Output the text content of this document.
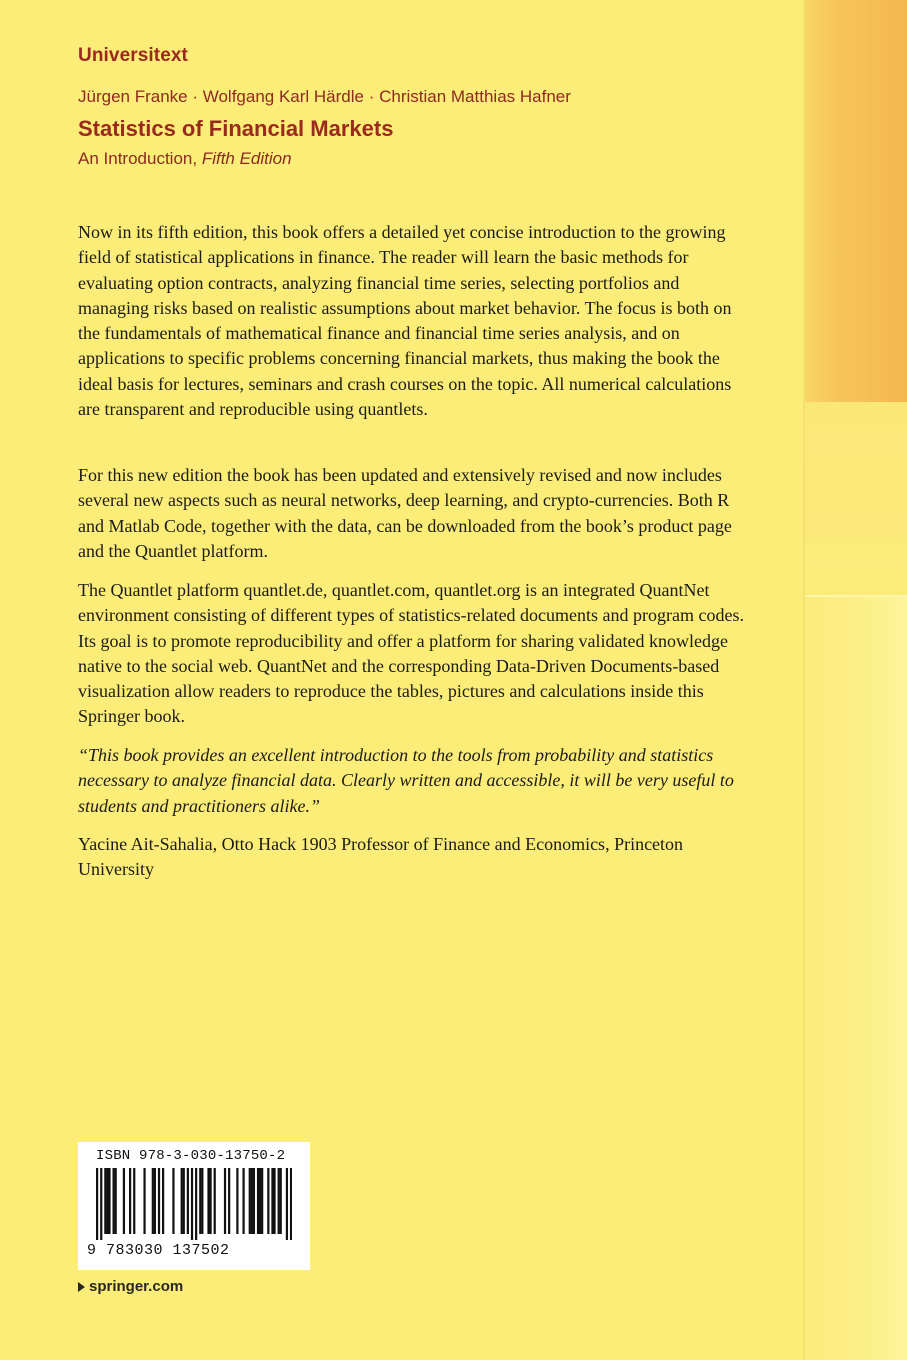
Universitext
Jürgen Franke · Wolfgang Karl Härdle · Christian Matthias Hafner
Statistics of Financial Markets
An Introduction, Fifth Edition

Now in its fifth edition, this book offers a detailed yet concise introduction to the growing field of statistical applications in finance. The reader will learn the basic methods for evaluating option contracts, analyzing financial time series, selecting portfolios and managing risks based on realistic assumptions about market behavior. The focus is both on the fundamentals of mathematical finance and financial time series analysis, and on applications to specific problems concerning financial markets, thus making the book the ideal basis for lectures, seminars and crash courses on the topic. All numerical calculations are transparent and reproducible using quantlets.

For this new edition the book has been updated and extensively revised and now includes several new aspects such as neural networks, deep learning, and crypto-currencies. Both R and Matlab Code, together with the data, can be downloaded from the book’s product page and the Quantlet platform.

The Quantlet platform quantlet.de, quantlet.com, quantlet.org is an integrated QuantNet environment consisting of different types of statistics-related documents and program codes. Its goal is to promote reproducibility and offer a platform for sharing validated knowledge native to the social web. QuantNet and the corresponding Data-Driven Documents-based visualization allow readers to reproduce the tables, pictures and calculations inside this Springer book.

“This book provides an excellent introduction to the tools from probability and statistics necessary to analyze financial data. Clearly written and accessible, it will be very useful to students and practitioners alike.”

Yacine Ait-Sahalia, Otto Hack 1903 Professor of Finance and Economics, Princeton University

ISBN 978-3-030-13750-2
9 783030 137502
springer.com
